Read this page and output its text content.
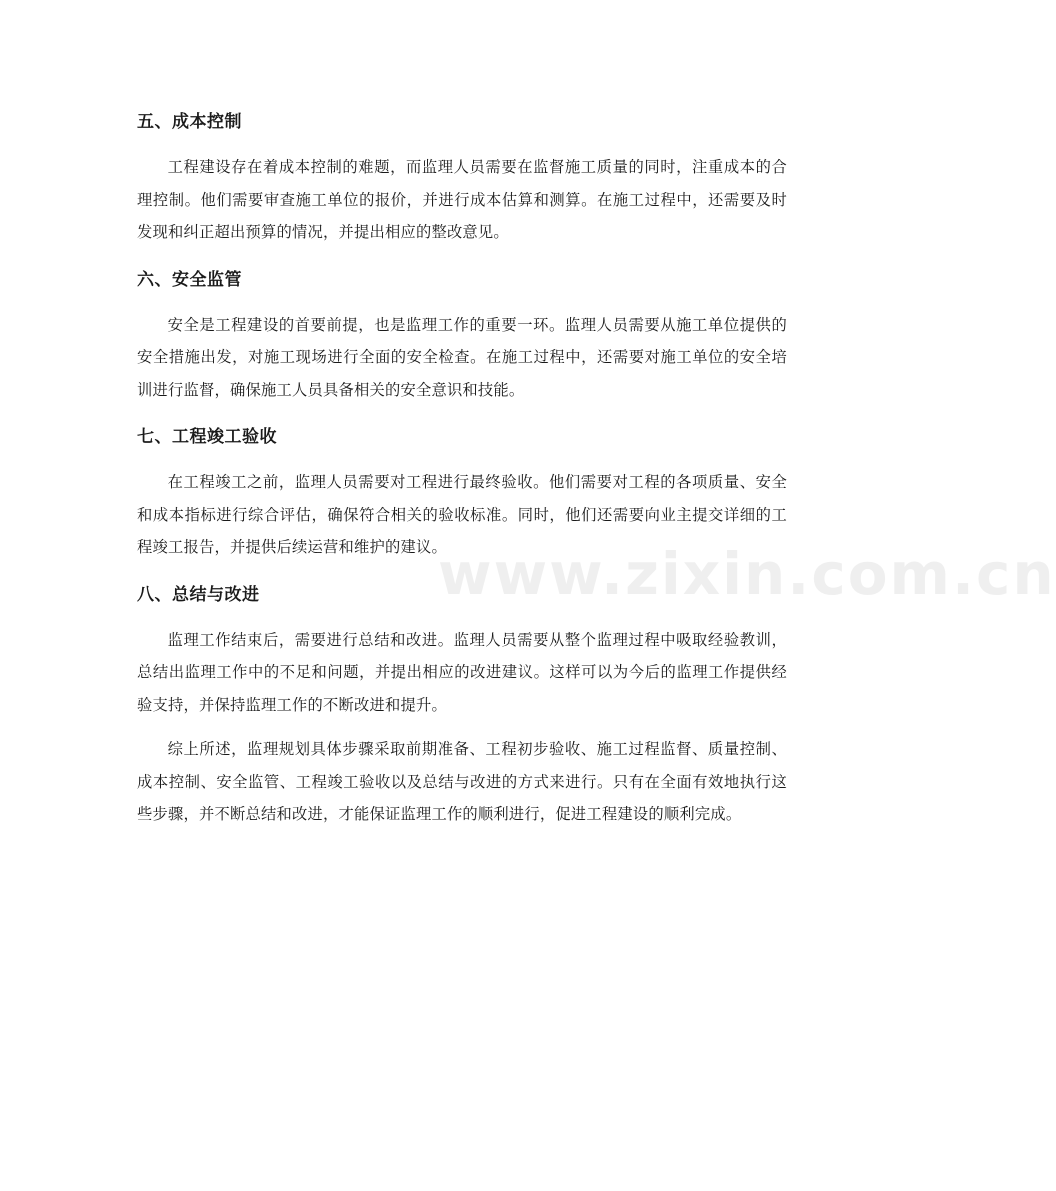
五、成本控制

工程建设存在着成本控制的难题，而监理人员需要在监督施工质量的同时，注重成本的合理控制。他们需要审查施工单位的报价，并进行成本估算和测算。在施工过程中，还需要及时发现和纠正超出预算的情况，并提出相应的整改意见。

六、安全监管

安全是工程建设的首要前提，也是监理工作的重要一环。监理人员需要从施工单位提供的安全措施出发，对施工现场进行全面的安全检查。在施工过程中，还需要对施工单位的安全培训进行监督，确保施工人员具备相关的安全意识和技能。

七、工程竣工验收

在工程竣工之前，监理人员需要对工程进行最终验收。他们需要对工程的各项质量、安全和成本指标进行综合评估，确保符合相关的验收标准。同时，他们还需要向业主提交详细的工程竣工报告，并提供后续运营和维护的建议。

八、总结与改进

监理工作结束后，需要进行总结和改进。监理人员需要从整个监理过程中吸取经验教训，总结出监理工作中的不足和问题，并提出相应的改进建议。这样可以为今后的监理工作提供经验支持，并保持监理工作的不断改进和提升。

综上所述，监理规划具体步骤采取前期准备、工程初步验收、施工过程监督、质量控制、成本控制、安全监管、工程竣工验收以及总结与改进的方式来进行。只有在全面有效地执行这些步骤，并不断总结和改进，才能保证监理工作的顺利进行，促进工程建设的顺利完成。

www.zixin.com.cn
